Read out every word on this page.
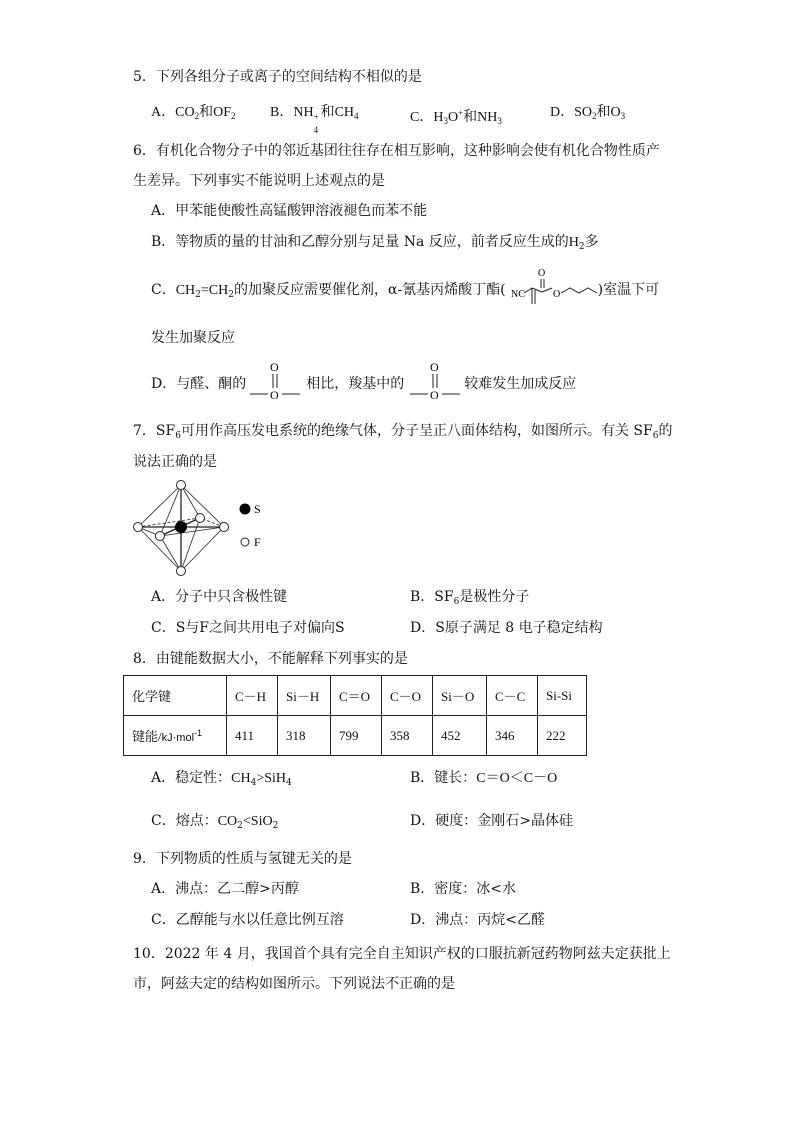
5．下列各组分子或离子的空间结构不相似的是
A．$CO_2$和$OF_2$ B．NH +
4
和$CH_4$	C．$H_3O^+$和$NH_3$
D．$SO_2$和$O_3$
6．有机化合物分子中的邻近基团往往存在相互影响，这种影响会使有机化合物性质产
生差异。下列事实不能说明上述观点的是
A．甲苯能使酸性高锰酸钾溶液褪色而苯不能
B．等物质的量的甘油和乙醇分别与足量 Na 反应，前者反应生成的$H_2$多
C．$CH_2=CH_2$的加聚反应需要催化剂，α-氰基丙烯酸丁酯(	)室温下可
O
NC	O
发生加聚反应
D．与醛、酮的	相比，羧基中的	较难发生加成反应
O
O
O
O
7．$SF_6$可用作高压发电系统的绝缘气体，分子呈正八面体结构，如图所示。有关 $SF_6$的
说法正确的是
S
F
A．分子中只含极性键	B．$SF_6$是极性分子
C．S与F之间共用电子对偏向S	D．S原子满足 8 电子稳定结构
8．由键能数据大小，不能解释下列事实的是
化学键	C－H	Si－H	C＝O	C－O	Si－O	C－C	Si-Si
键能/kJ·mol$^{-1}$	411	318	799	358	452	346	222
A．稳定性：$CH_4>SiH_4$	B．键长：C＝O＜C－O
C．熔点：$CO_2<SiO_2$	D．硬度：金刚石>晶体硅
9．下列物质的性质与氢键无关的是
A．沸点：乙二醇>丙醇	B．密度：冰<水
C．乙醇能与水以任意比例互溶	D．沸点：丙烷<乙醛
10．2022 年 4 月，我国首个具有完全自主知识产权的口服抗新冠药物阿兹夫定获批上
市，阿兹夫定的结构如图所示。下列说法不正确的是
